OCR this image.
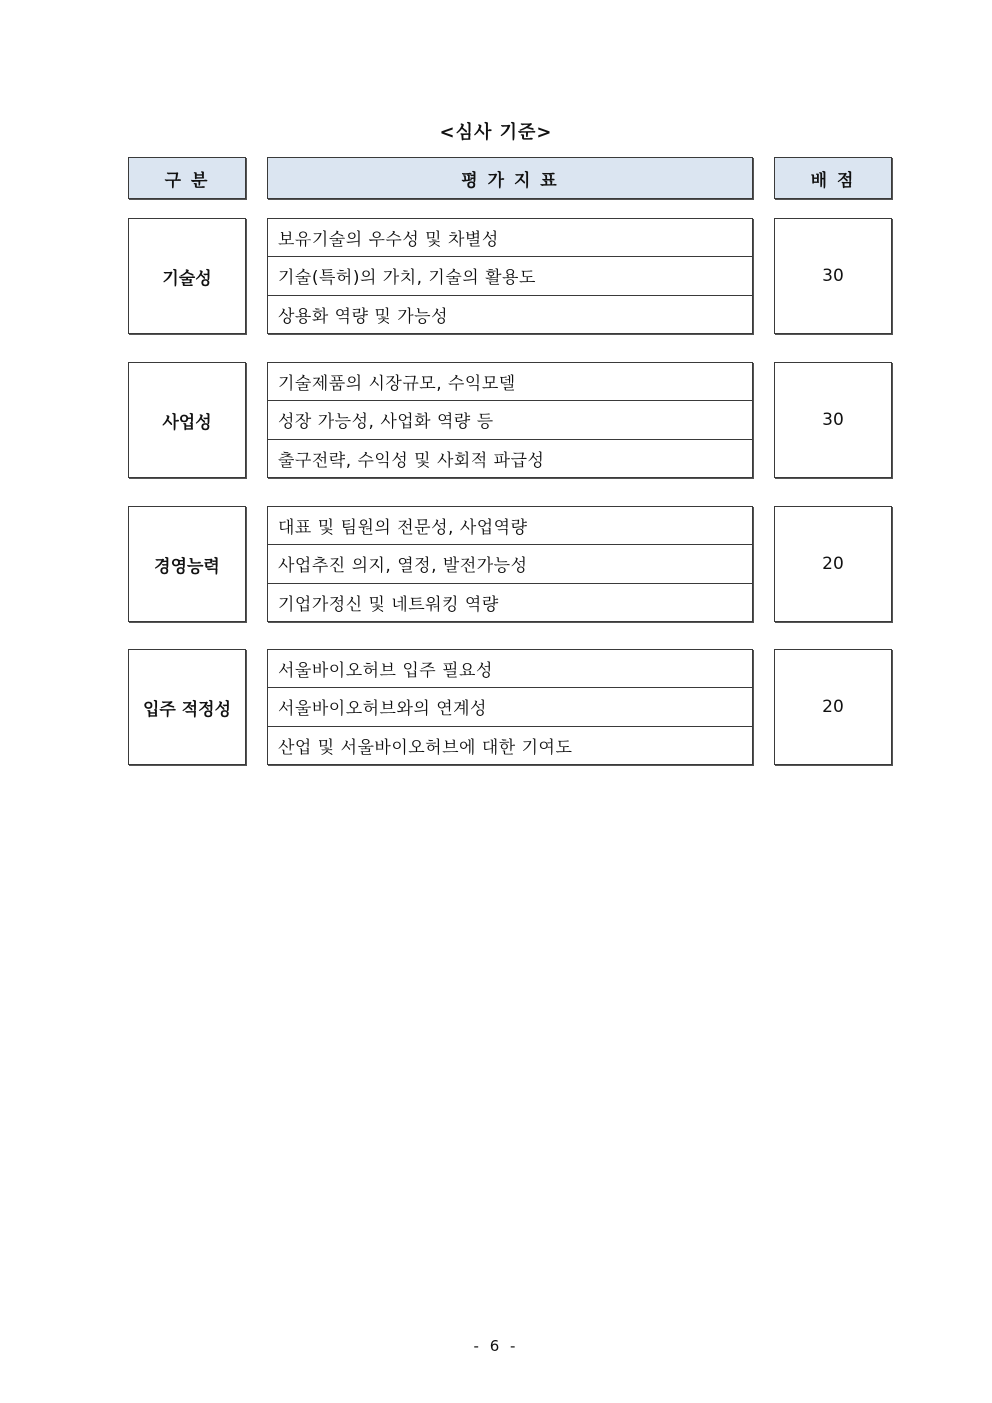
<심사 기준>
구 분	평 가 지 표	배 점
기술성
보유기술의 우수성 및 차별성
기술(특허)의 가치, 기술의 활용도
상용화 역량 및 가능성
30
사업성
기술제품의 시장규모, 수익모델
성장 가능성, 사업화 역량 등
출구전략, 수익성 및 사회적 파급성
30
경영능력
대표 및 팀원의 전문성, 사업역량
사업추진 의지, 열정, 발전가능성
기업가정신 및 네트워킹 역량
20
입주 적정성
서울바이오허브 입주 필요성
서울바이오허브와의 연계성
산업 및 서울바이오허브에 대한 기여도
20
- 6 -
